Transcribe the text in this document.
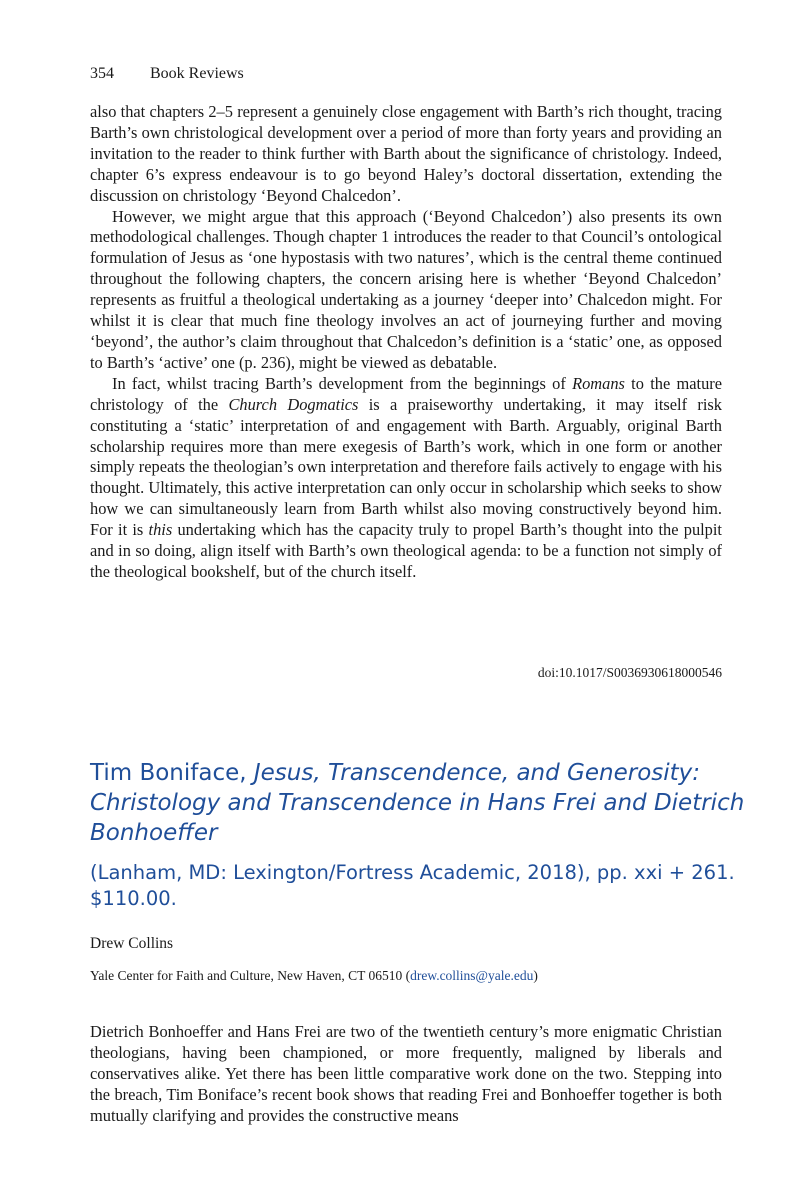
354 Book Reviews

also that chapters 2–5 represent a genuinely close engagement with Barth’s rich thought, tracing Barth’s own christological development over a period of more than forty years and providing an invitation to the reader to think further with Barth about the significance of christology. Indeed, chapter 6’s express endeavour is to go beyond Haley’s doctoral dissertation, extending the discussion on christology ‘Beyond Chalcedon’.

However, we might argue that this approach (‘Beyond Chalcedon’) also presents its own methodological challenges. Though chapter 1 introduces the reader to that Council’s ontological formulation of Jesus as ‘one hypostasis with two natures’, which is the central theme continued throughout the following chapters, the concern arising here is whether ‘Beyond Chalcedon’ represents as fruitful a theological undertaking as a journey ‘deeper into’ Chalcedon might. For whilst it is clear that much fine theology involves an act of journeying further and moving ‘beyond’, the author’s claim throughout that Chalcedon’s definition is a ‘static’ one, as opposed to Barth’s ‘active’ one (p. 236), might be viewed as debatable.

In fact, whilst tracing Barth’s development from the beginnings of Romans to the mature christology of the Church Dogmatics is a praiseworthy undertaking, it may itself risk constituting a ‘static’ interpretation of and engagement with Barth. Arguably, original Barth scholarship requires more than mere exegesis of Barth’s work, which in one form or another simply repeats the theologian’s own interpretation and therefore fails actively to engage with his thought. Ultimately, this active interpretation can only occur in scholarship which seeks to show how we can simultaneously learn from Barth whilst also moving constructively beyond him. For it is this undertaking which has the capacity truly to propel Barth’s thought into the pulpit and in so doing, align itself with Barth’s own theological agenda: to be a function not simply of the theological bookshelf, but of the church itself.

doi:10.1017/S0036930618000546
Tim Boniface, Jesus, Transcendence, and Generosity: Christology and Transcendence in Hans Frei and Dietrich Bonhoeffer
(Lanham, MD: Lexington/Fortress Academic, 2018), pp. xxi + 261. $110.00.
Drew Collins
Yale Center for Faith and Culture, New Haven, CT 06510 (drew.collins@yale.edu)

Dietrich Bonhoeffer and Hans Frei are two of the twentieth century’s more enigmatic Christian theologians, having been championed, or more frequently, maligned by liberals and conservatives alike. Yet there has been little comparative work done on the two. Stepping into the breach, Tim Boniface’s recent book shows that reading Frei and Bonhoeffer together is both mutually clarifying and provides the constructive means
